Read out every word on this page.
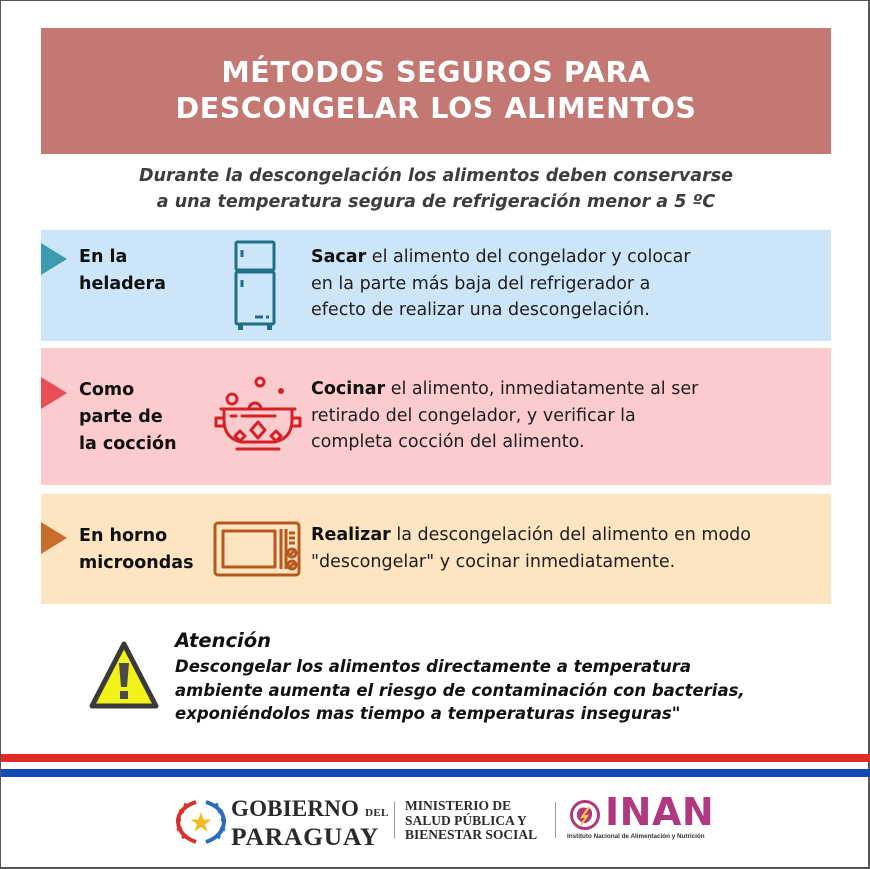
MÉTODOS SEGUROS PARA
DESCONGELAR LOS ALIMENTOS
Durante la descongelación los alimentos deben conservarse
a una temperatura segura de refrigeración menor a 5 ºC
En la
heladera
Sacar el alimento del congelador y colocar
en la parte más baja del refrigerador a
efecto de realizar una descongelación.
Como
parte de
la cocción
Cocinar el alimento, inmediatamente al ser
retirado del congelador, y verificar la
completa cocción del alimento.
En horno
microondas
Realizar la descongelación del alimento en modo
"descongelar" y cocinar inmediatamente.
Atención
Descongelar los alimentos directamente a temperatura
ambiente aumenta el riesgo de contaminación con bacterias,
exponiéndolos mas tiempo a temperaturas inseguras"
GOBIERNO DEL
PARAGUAY
MINISTERIO DE
SALUD PÚBLICA Y
BIENESTAR SOCIAL
INAN
Instituto Nacional de Alimentación y Nutrición
